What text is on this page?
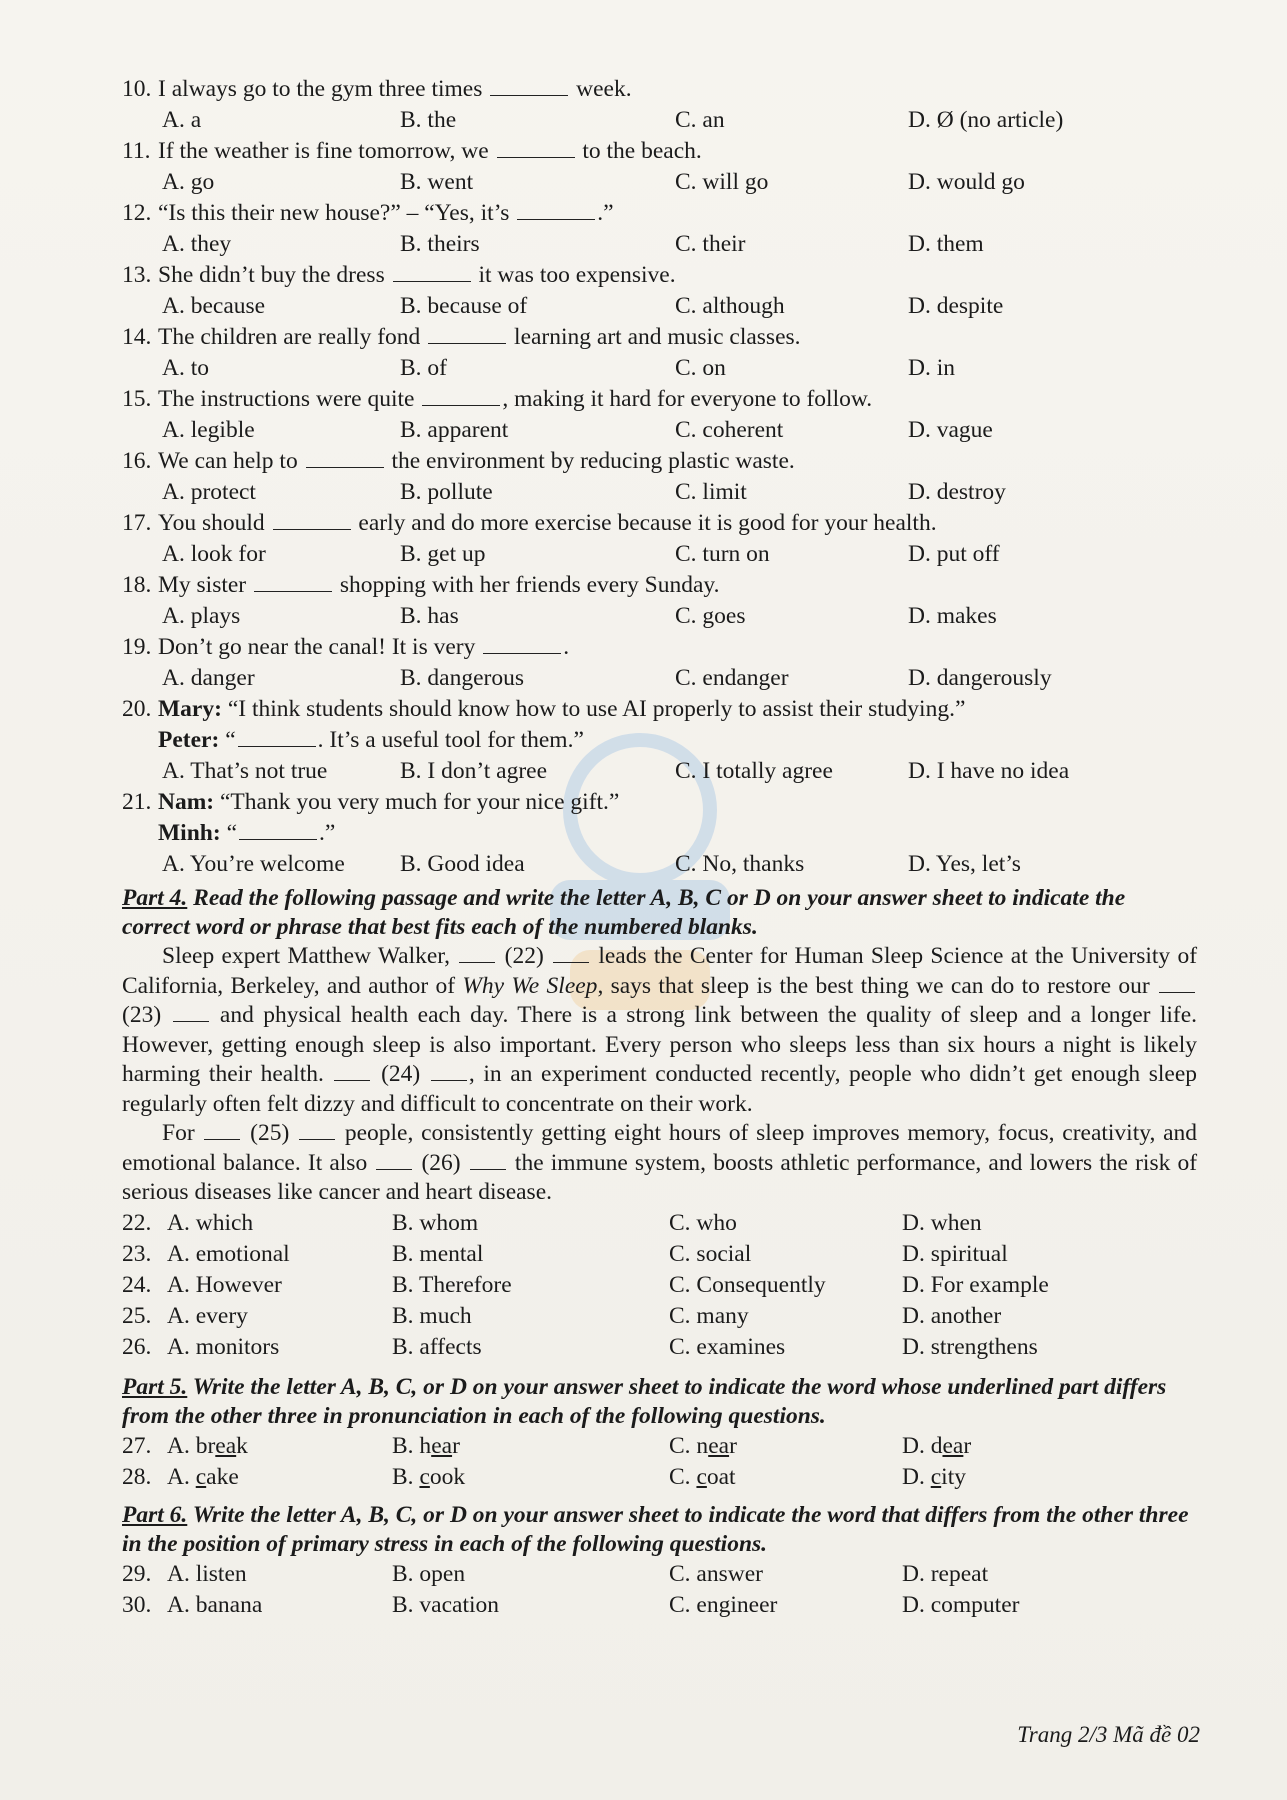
10. I always go to the gym three times	week.
A. a	B. the	C. an	D. Ø (no article)
11. If the weather is fine tomorrow, we	to the beach.
A. go	B. went	C. will go	D. would go
12. “Is this their new house?” – “Yes, it’s	.”
A. they	B. theirs	C. their	D. them
13. She didn’t buy the dress	it was too expensive.
A. because	B. because of	C. although	D. despite
14. The children are really fond	learning art and music classes.
A. to	B. of	C. on	D. in
15. The instructions were quite	, making it hard for everyone to follow.
A. legible	B. apparent	C. coherent	D. vague
16. We can help to	the environment by reducing plastic waste.
A. protect	B. pollute	C. limit	D. destroy
17. You should	early and do more exercise because it is good for your health.
A. look for	B. get up	C. turn on	D. put off
18. My sister	shopping with her friends every Sunday.
A. plays	B. has	C. goes	D. makes
19. Don’t go near the canal! It is very	.
A. danger	B. dangerous	C. endanger	D. dangerously
20. Mary: “I think students should know how to use AI properly to assist their studying.”
Peter: “	. It’s a useful tool for them.”
A. That’s not true	B. I don’t agree	C. I totally agree	D. I have no idea
21. Nam: “Thank you very much for your nice gift.”
Minh: “	.”
A. You’re welcome	B. Good idea	C. No, thanks	D. Yes, let’s
Part 4. Read the following passage and write the letter A, B, C or D on your answer sheet to indicate the correct word or phrase that best fits each of the numbered blanks.
Sleep expert Matthew Walker, (22) leads the Center for Human Sleep Science at the University of California, Berkeley, and author of Why We Sleep, says that sleep is the best thing we can do to restore our  (23)	and physical health each day. There is a strong link between the quality of sleep and a longer life. However, getting enough sleep is also important. Every person who sleeps less than six hours a night is likely harming their health. (24) , in an experiment conducted recently, people who didn’t get enough sleep regularly often felt dizzy and difficult to concentrate on their work.
For (25) people, consistently getting eight hours of sleep improves memory, focus, creativity, and emotional balance. It also (26) the immune system, boosts athletic performance, and lowers the risk of serious diseases like cancer and heart disease.
22. A. which	B. whom	C. who	D. when
23. A. emotional	B. mental	C. social	D. spiritual
24. A. However	B. Therefore	C. Consequently	D. For example
25. A. every	B. much	C. many	D. another
26. A. monitors	B. affects	C. examines	D. strengthens
Part 5. Write the letter A, B, C, or D on your answer sheet to indicate the word whose underlined part differs from the other three in pronunciation in each of the following questions.
27. A. break	B. hear	C. near	D. dear
28. A. cake	B. cook	C. coat	D. city
Part 6. Write the letter A, B, C, or D on your answer sheet to indicate the word that differs from the other three in the position of primary stress in each of the following questions.
29. A. listen	B. open	C. answer	D. repeat
30. A. banana	B. vacation	C. engineer	D. computer
Trang 2/3 Mã đề 02
